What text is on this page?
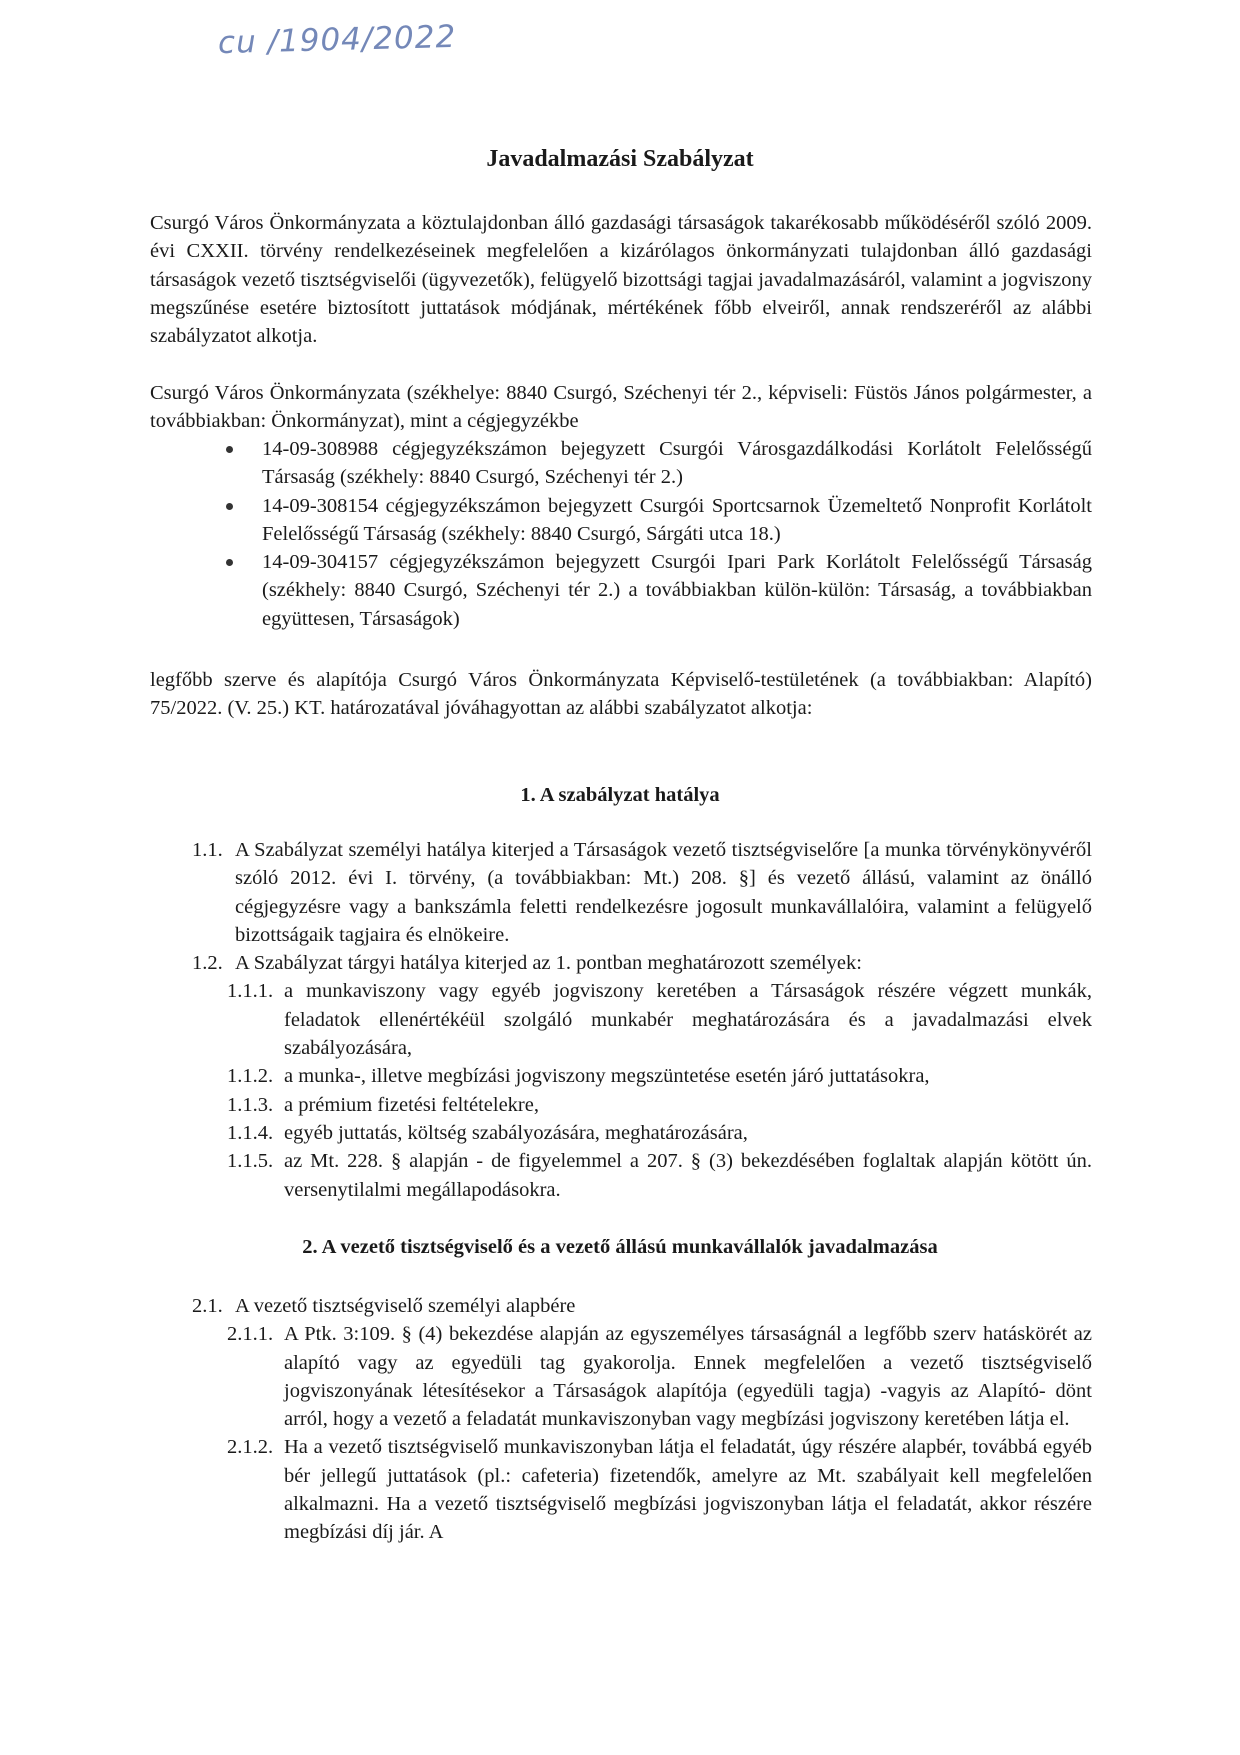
cu /1904/2022
Javadalmazási Szabályzat

Csurgó Város Önkormányzata a köztulajdonban álló gazdasági társaságok takarékosabb működéséről szóló 2009. évi CXXII. törvény rendelkezéseinek megfelelően a kizárólagos önkormányzati tulajdonban álló gazdasági társaságok vezető tisztségviselői (ügyvezetők), felügyelő bizottsági tagjai javadalmazásáról, valamint a jogviszony megszűnése esetére biztosított juttatások módjának, mértékének főbb elveiről, annak rendszeréről az alábbi szabályzatot alkotja.

Csurgó Város Önkormányzata (székhelye: 8840 Csurgó, Széchenyi tér 2., képviseli: Füstös János polgármester, a továbbiakban: Önkormányzat), mint a cégjegyzékbe

14-09-308988 cégjegyzékszámon bejegyzett Csurgói Városgazdálkodási Korlátolt Felelősségű Társaság (székhely: 8840 Csurgó, Széchenyi tér 2.)
14-09-308154 cégjegyzékszámon bejegyzett Csurgói Sportcsarnok Üzemeltető Nonprofit Korlátolt Felelősségű Társaság (székhely: 8840 Csurgó, Sárgáti utca 18.)
14-09-304157 cégjegyzékszámon bejegyzett Csurgói Ipari Park Korlátolt Felelősségű Társaság (székhely: 8840 Csurgó, Széchenyi tér 2.) a továbbiakban külön-külön: Társaság, a továbbiakban együttesen, Társaságok)

legfőbb szerve és alapítója Csurgó Város Önkormányzata Képviselő-testületének (a továbbiakban: Alapító) 75/2022. (V. 25.) KT. határozatával jóváhagyottan az alábbi szabályzatot alkotja:

1. A szabályzat hatálya
1.1. A Szabályzat személyi hatálya kiterjed a Társaságok vezető tisztségviselőre [a munka törvénykönyvéről szóló 2012. évi I. törvény, (a továbbiakban: Mt.) 208. §] és vezető állású, valamint az önálló cégjegyzésre vagy a bankszámla feletti rendelkezésre jogosult munkavállalóira, valamint a felügyelő bizottságaik tagjaira és elnökeire.
1.2. A Szabályzat tárgyi hatálya kiterjed az 1. pontban meghatározott személyek:
1.1.1. a munkaviszony vagy egyéb jogviszony keretében a Társaságok részére végzett munkák, feladatok ellenértékéül szolgáló munkabér meghatározására és a javadalmazási elvek szabályozására,
1.1.2. a munka-, illetve megbízási jogviszony megszüntetése esetén járó juttatásokra,
1.1.3. a prémium fizetési feltételekre,
1.1.4. egyéb juttatás, költség szabályozására, meghatározására,
1.1.5. az Mt. 228. § alapján - de figyelemmel a 207. § (3) bekezdésében foglaltak alapján kötött ún. versenytilalmi megállapodásokra.
2. A vezető tisztségviselő és a vezető állású munkavállalók javadalmazása
2.1. A vezető tisztségviselő személyi alapbére
2.1.1. A Ptk. 3:109. § (4) bekezdése alapján az egyszemélyes társaságnál a legfőbb szerv hatáskörét az alapító vagy az egyedüli tag gyakorolja. Ennek megfelelően a vezető tisztségviselő jogviszonyának létesítésekor a Társaságok alapítója (egyedüli tagja) -vagyis az Alapító- dönt arról, hogy a vezető a feladatát munkaviszonyban vagy megbízási jogviszony keretében látja el.
2.1.2. Ha a vezető tisztségviselő munkaviszonyban látja el feladatát, úgy részére alapbér, továbbá egyéb bér jellegű juttatások (pl.: cafeteria) fizetendők, amelyre az Mt. szabályait kell megfelelően alkalmazni. Ha a vezető tisztségviselő megbízási jogviszonyban látja el feladatát, akkor részére megbízási díj jár. A
